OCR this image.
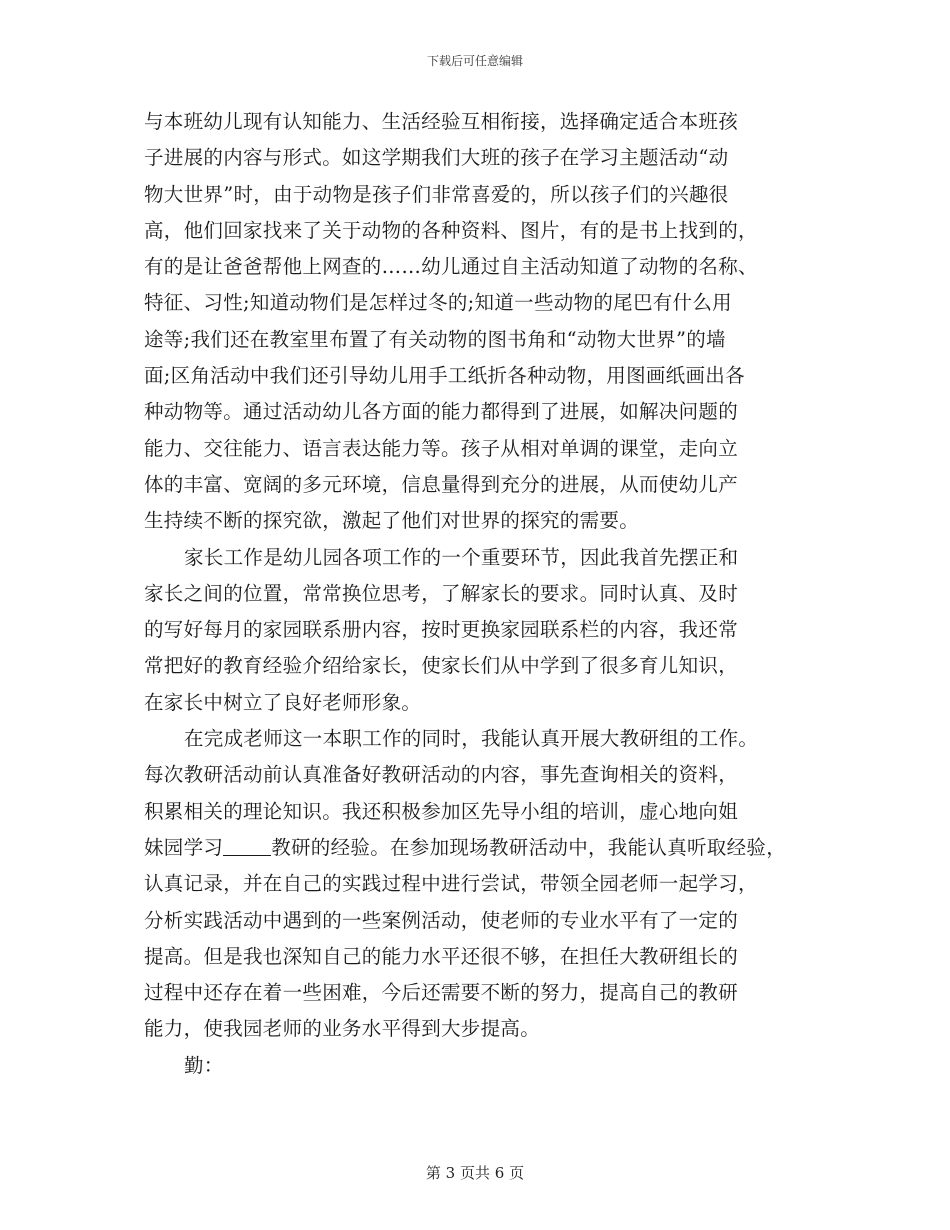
下载后可任意编辑
与本班幼儿现有认知能力、生活经验互相衔接，选择确定适合本班孩
子进展的内容与形式。如这学期我们大班的孩子在学习主题活动“动
物大世界”时，由于动物是孩子们非常喜爱的，所以孩子们的兴趣很
高，他们回家找来了关于动物的各种资料、图片，有的是书上找到的，
有的是让爸爸帮他上网查的……幼儿通过自主活动知道了动物的名称、
特征、习性;知道动物们是怎样过冬的;知道一些动物的尾巴有什么用
途等;我们还在教室里布置了有关动物的图书角和“动物大世界”的墙
面;区角活动中我们还引导幼儿用手工纸折各种动物，用图画纸画出各
种动物等。通过活动幼儿各方面的能力都得到了进展，如解决问题的
能力、交往能力、语言表达能力等。孩子从相对单调的课堂，走向立
体的丰富、宽阔的多元环境，信息量得到充分的进展，从而使幼儿产
生持续不断的探究欲，激起了他们对世界的探究的需要。
家长工作是幼儿园各项工作的一个重要环节，因此我首先摆正和
家长之间的位置，常常换位思考，了解家长的要求。同时认真、及时
的写好每月的家园联系册内容，按时更换家园联系栏的内容，我还常
常把好的教育经验介绍给家长，使家长们从中学到了很多育儿知识，
在家长中树立了良好老师形象。
在完成老师这一本职工作的同时，我能认真开展大教研组的工作。
每次教研活动前认真准备好教研活动的内容，事先查询相关的资料，
积累相关的理论知识。我还积极参加区先导小组的培训，虚心地向姐
妹园学习 教研的经验。在参加现场教研活动中，我能认真听取经验，
认真记录，并在自己的实践过程中进行尝试，带领全园老师一起学习，
分析实践活动中遇到的一些案例活动，使老师的专业水平有了一定的
提高。但是我也深知自己的能力水平还很不够，在担任大教研组长的
过程中还存在着一些困难，今后还需要不断的努力，提高自己的教研
能力，使我园老师的业务水平得到大步提高。
勤：
第 3 页共 6 页
